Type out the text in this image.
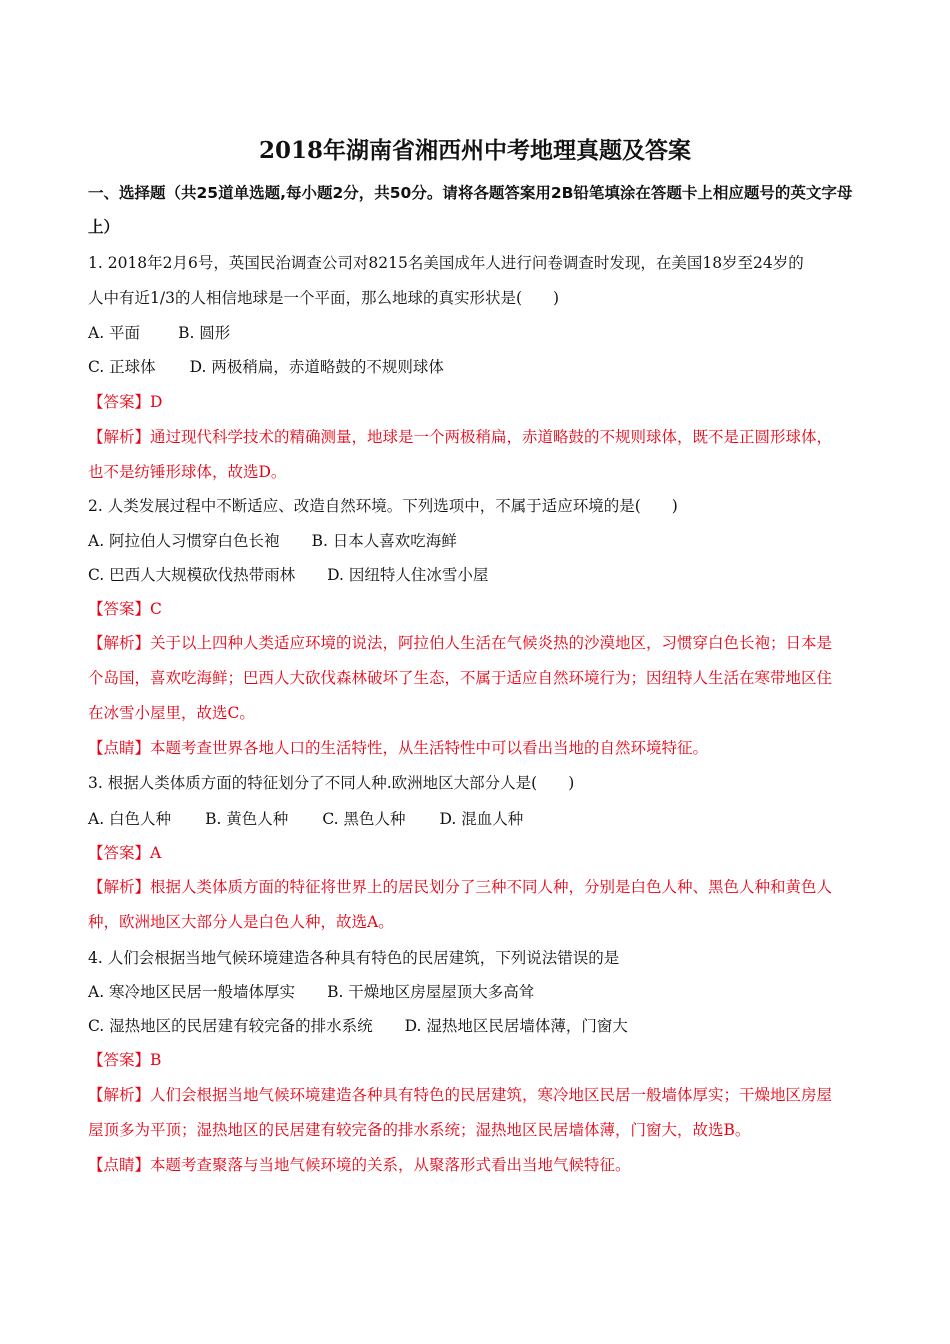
2018年湖南省湘西州中考地理真题及答案
一、选择题（共25道单选题,每小题2分，共50分。请将各题答案用2B铅笔填涂在答题卡上相应题号的英文字母上）
1. 2018年2月6号，英国民治调查公司对8215名美国成年人进行问卷调查时发现，在美国18岁至24岁的
人中有近1/3的人相信地球是一个平面，那么地球的真实形状是(　　)
A. 平面 B. 圆形
C. 正球体 D. 两极稍扁，赤道略鼓的不规则球体
【答案】D
【解析】通过现代科学技术的精确测量，地球是一个两极稍扁，赤道略鼓的不规则球体，既不是正圆形球体，
也不是纺锤形球体，故选D。
2. 人类发展过程中不断适应、改造自然环境。下列选项中，不属于适应环境的是(　　)
A. 阿拉伯人习惯穿白色长袍 B. 日本人喜欢吃海鲜
C. 巴西人大规模砍伐热带雨林 D. 因纽特人住冰雪小屋
【答案】C
【解析】关于以上四种人类适应环境的说法，阿拉伯人生活在气候炎热的沙漠地区，习惯穿白色长袍；日本是
个岛国，喜欢吃海鲜；巴西人大砍伐森林破坏了生态，不属于适应自然环境行为；因纽特人生活在寒带地区住
在冰雪小屋里，故选C。
【点睛】本题考查世界各地人口的生活特性，从生活特性中可以看出当地的自然环境特征。
3. 根据人类体质方面的特征划分了不同人种.欧洲地区大部分人是(　　)
A. 白色人种 B. 黄色人种 C. 黑色人种 D. 混血人种
【答案】A
【解析】根据人类体质方面的特征将世界上的居民划分了三种不同人种，分别是白色人种、黑色人种和黄色人
种，欧洲地区大部分人是白色人种，故选A。
4. 人们会根据当地气候环境建造各种具有特色的民居建筑，下列说法错误的是
A. 寒冷地区民居一般墙体厚实 B. 干燥地区房屋屋顶大多高耸
C. 湿热地区的民居建有较完备的排水系统 D. 湿热地区民居墙体薄，门窗大
【答案】B
【解析】人们会根据当地气候环境建造各种具有特色的民居建筑，寒冷地区民居一般墙体厚实；干燥地区房屋
屋顶多为平顶；湿热地区的民居建有较完备的排水系统；湿热地区民居墙体薄，门窗大，故选B。
【点睛】本题考查聚落与当地气候环境的关系，从聚落形式看出当地气候特征。
